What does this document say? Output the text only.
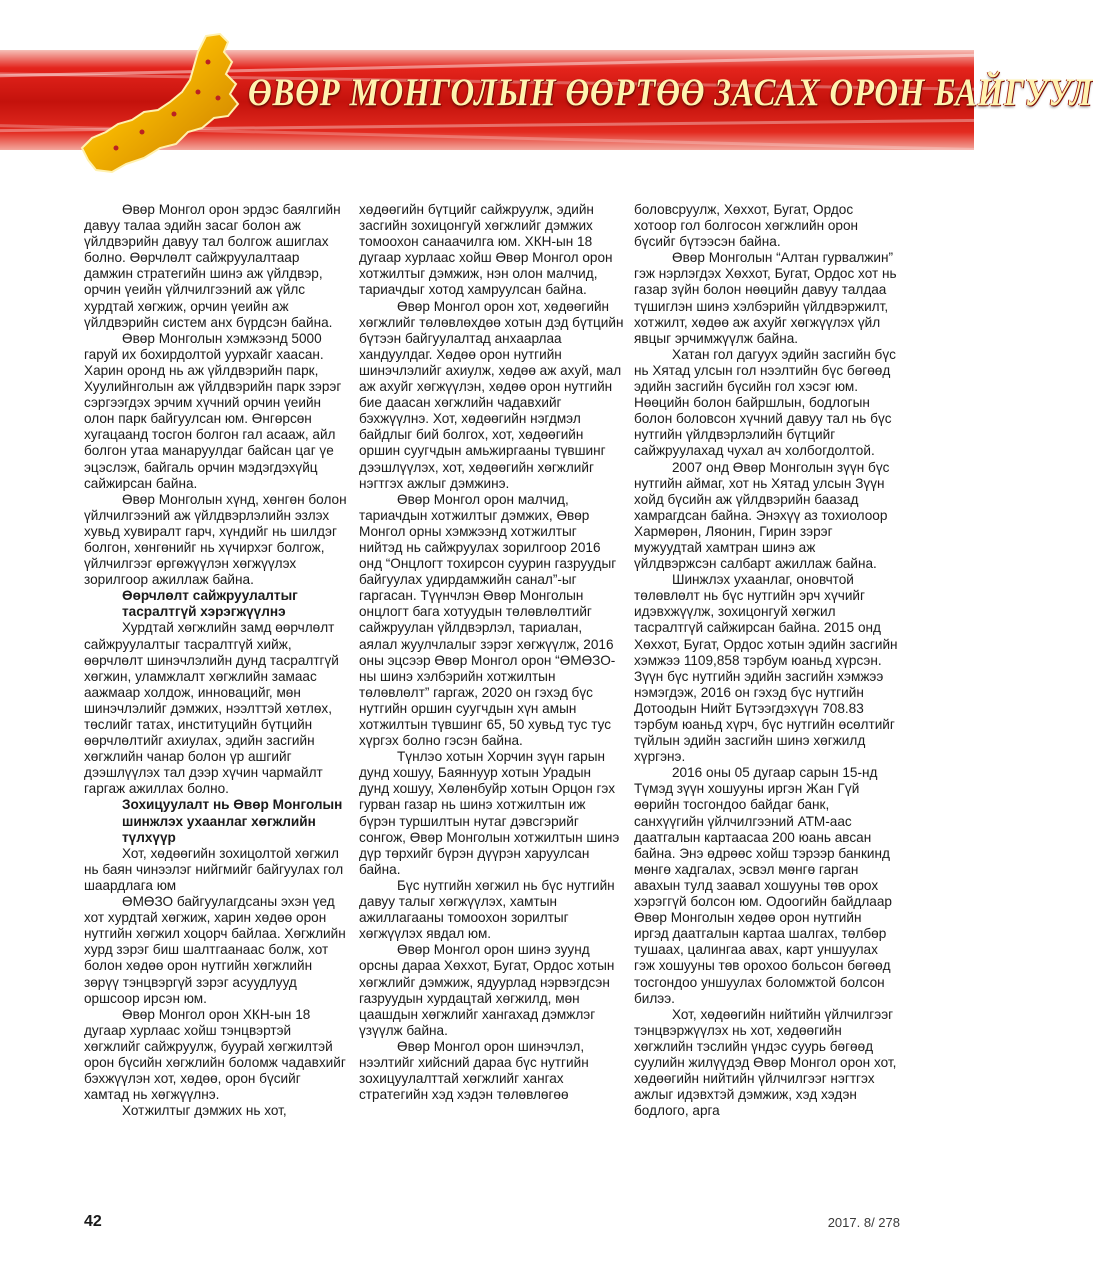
ӨВӨР МОНГОЛЫН ӨӨРТӨӨ ЗАСАХ ОРОН БАЙГУУЛ

Өвөр Монгол орон эрдэс баялгийн давуу талаа эдийн засаг болон аж үйлдвэрийн давуу тал болгож ашиглах болно. Өөрчлөлт сайжруулалтаар дамжин стратегийн шинэ аж үйлдвэр, орчин үеийн үйлчилгээний аж үйлс хурдтай хөгжиж, орчин үеийн аж үйлдвэрийн систем анх бүрдсэн байна.

Өвөр Монголын хэмжээнд 5000 гаруй их бохирдолтой уурхайг хаасан. Харин оронд нь аж үйлдвэрийн парк, Хуулийнголын аж үйлдвэрийн парк зэрэг сэргээгдэх эрчим хүчний орчин үеийн олон парк байгуулсан юм. Өнгөрсөн хугацаанд тосгон болгон гал асааж, айл болгон утаа манаруулдаг байсан цаг үе эцэслэж, байгаль орчин мэдэгдэхүйц сайжирсан байна.

Өвөр Монголын хүнд, хөнгөн болон үйлчилгээний аж үйлдвэрлэлийн эзлэх хувьд хувиралт гарч, хүндийг нь шилдэг болгон, хөнгөнийг нь хүчирхэг болгож, үйлчилгээг өргөжүүлэн хөгжүүлэх зорилгоор ажиллаж байна.

Өөрчлөлт сайжруулалтыг тасралтгүй хэрэгжүүлнэ

Хурдтай хөгжлийн замд өөрчлөлт сайжруулалтыг тасралтгүй хийж, өөрчлөлт шинэчлэлийн дунд тасралтгүй хөгжин, уламжлалт хөгжлийн замаас аажмаар холдож, инновацийг, мөн шинэчлэлийг дэмжих, нээлттэй хөтлөх, төслийг татах, институцийн бүтцийн өөрчлөлтийг ахиулах, эдийн засгийн хөгжлийн чанар болон үр ашгийг дээшлүүлэх тал дээр хүчин чармайлт гаргаж ажиллах болно.

Зохицуулалт нь Өвөр Монголын шинжлэх ухаанлаг хөгжлийн түлхүүр

Хот, хөдөөгийн зохицолтой хөгжил нь баян чинээлэг нийгмийг байгуулах гол шаардлага юм

ӨМӨЗО байгуулагдсаны эхэн үед хот хурдтай хөгжиж, харин хөдөө орон нутгийн хөгжил хоцорч байлаа. Хөгжлийн хурд зэрэг биш шалтгаанаас болж, хот болон хөдөө орон нутгийн хөгжлийн зөрүү тэнцвэргүй зэрэг асуудлууд оршсоор ирсэн юм.

Өвөр Монгол орон ХКН-ын 18 дугаар хурлаас хойш тэнцвэртэй хөгжлийг сайжруулж, буурай хөгжилтэй орон бүсийн хөгжлийн боломж чадавхийг бэхжүүлэн хот, хөдөө, орон бүсийг хамтад нь хөгжүүлнэ.

Хотжилтыг дэмжих нь хот,

хөдөөгийн бүтцийг сайжруулж, эдийн засгийн зохицонгуй хөгжлийг дэмжих томоохон санаачилга юм. ХКН-ын 18 дугаар хурлаас хойш Өвөр Монгол орон хотжилтыг дэмжиж, нэн олон малчид, тариачдыг хотод хамруулсан байна.

Өвөр Монгол орон хот, хөдөөгийн хөгжлийг төлөвлөхдөө хотын дэд бүтцийн бүтээн байгуулалтад анхаарлаа хандуулдаг. Хөдөө орон нутгийн шинэчлэлийг ахиулж, хөдөө аж ахуй, мал аж ахуйг хөгжүүлэн, хөдөө орон нутгийн бие даасан хөгжлийн чадавхийг бэхжүүлнэ. Хот, хөдөөгийн нэгдмэл байдлыг бий болгох, хот, хөдөөгийн оршин суугчдын амьжиргааны түвшинг дээшлүүлэх, хот, хөдөөгийн хөгжлийг нэгтгэх ажлыг дэмжинэ.

Өвөр Монгол орон малчид, тариачдын хотжилтыг дэмжих, Өвөр Монгол орны хэмжээнд хотжилтыг нийтэд нь сайжруулах зорилгоор 2016 онд “Онцлогт тохирсон суурин газруудыг байгуулах удирдамжийн санал”-ыг гаргасан. Түүнчлэн Өвөр Монголын онцлогт бага хотуудын төлөвлөлтийг сайжруулан үйлдвэрлэл, тариалан, аялал жуулчлалыг зэрэг хөгжүүлж, 2016 оны эцсээр Өвөр Монгол орон “ӨМӨЗО-ны шинэ хэлбэрийн хотжилтын төлөвлөлт” гаргаж, 2020 он гэхэд бүс нутгийн оршин суугчдын хүн амын хотжилтын түвшинг 65, 50 хувьд тус тус хүргэх болно гэсэн байна.

Түнлэо хотын Хорчин зүүн гарын дунд хошуу, Баяннуур хотын Урадын дунд хошуу, Хөлөнбуйр хотын Орцон гэх гурван газар нь шинэ хотжилтын иж бүрэн туршилтын нутаг дэвсгэрийг сонгож, Өвөр Монголын хотжилтын шинэ дүр төрхийг бүрэн дүүрэн харуулсан байна.

Бүс нутгийн хөгжил нь бүс нутгийн давуу талыг хөгжүүлэх, хамтын ажиллагааны томоохон зорилтыг хөгжүүлэх явдал юм.

Өвөр Монгол орон шинэ зуунд орсны дараа Хөххот, Бугат, Ордос хотын хөгжлийг дэмжиж, ядуурлад нэрвэгдсэн газруудын хурдацтай хөгжилд, мөн цаашдын хөгжлийг хангахад дэмжлэг үзүүлж байна.

Өвөр Монгол орон шинэчлэл, нээлтийг хийсний дараа бүс нутгийн зохицуулалттай хөгжлийг хангах стратегийн хэд хэдэн төлөвлөгөө

боловсруулж, Хөххот, Бугат, Ордос хотоор гол болгосон хөгжлийн орон бүсийг бүтээсэн байна.

Өвөр Монголын “Алтан гурвалжин” гэж нэрлэгдэх Хөххот, Бугат, Ордос хот нь газар зүйн болон нөөцийн давуу талдаа түшиглэн шинэ хэлбэрийн үйлдвэржилт, хотжилт, хөдөө аж ахуйг хөгжүүлэх үйл явцыг эрчимжүүлж байна.

Хатан гол дагуух эдийн засгийн бүс нь Хятад улсын гол нээлтийн бүс бөгөөд эдийн засгийн бүсийн гол хэсэг юм. Нөөцийн болон байршлын, бодлогын болон боловсон хүчний давуу тал нь бүс нутгийн үйлдвэрлэлийн бүтцийг сайжруулахад чухал ач холбогдолтой.

2007 онд Өвөр Монголын зүүн бүс нутгийн аймаг, хот нь Хятад улсын Зүүн хойд бүсийн аж үйлдвэрийн баазад хамрагдсан байна. Энэхүү аз тохиолоор Хармөрөн, Ляонин, Гирин зэрэг мужуудтай хамтран шинэ аж үйлдвэржсэн салбарт ажиллаж байна.

Шинжлэх ухаанлаг, оновчтой төлөвлөлт нь бүс нутгийн эрч хүчийг идэвхжүүлж, зохицонгуй хөгжил тасралтгүй сайжирсан байна. 2015 онд Хөххот, Бугат, Ордос хотын эдийн засгийн хэмжээ 1109,858 тэрбум юаньд хүрсэн. Зүүн бүс нутгийн эдийн засгийн хэмжээ нэмэгдэж, 2016 он гэхэд бүс нутгийн Дотоодын Нийт Бүтээгдэхүүн 708.83 тэрбум юаньд хүрч, бүс нутгийн өсөлтийг түйлын эдийн засгийн шинэ хөгжилд хүргэнэ.

2016 оны 05 дугаар сарын 15-нд Түмэд зүүн хошууны иргэн Жан Гүй өөрийн тосгондоо байдаг банк, санхүүгийн үйлчилгээний АТМ-аас даатгалын картаасаа 200 юань авсан байна. Энэ өдрөөс хойш тэрээр банкинд мөнгө хадгалах, эсвэл мөнгө гарган авахын тулд заавал хошууны төв орох хэрэггүй болсон юм. Одоогийн байдлаар Өвөр Монголын хөдөө орон нутгийн иргэд даатгалын картаа шалгах, төлбөр тушаах, цалингаа авах, карт уншуулах гэж хошууны төв орохоо больсон бөгөөд тосгондоо уншуулах боломжтой болсон билээ.

Хот, хөдөөгийн нийтийн үйлчилгээг тэнцвэржүүлэх нь хот, хөдөөгийн хөгжлийн тэслийн үндэс суурь бөгөөд суулийн жилүүдэд Өвөр Монгол орон хот, хөдөөгийн нийтийн үйлчилгээг нэгтгэх ажлыг идэвхтэй дэмжиж, хэд хэдэн бодлого, арга

42	2017. 8/ 278
